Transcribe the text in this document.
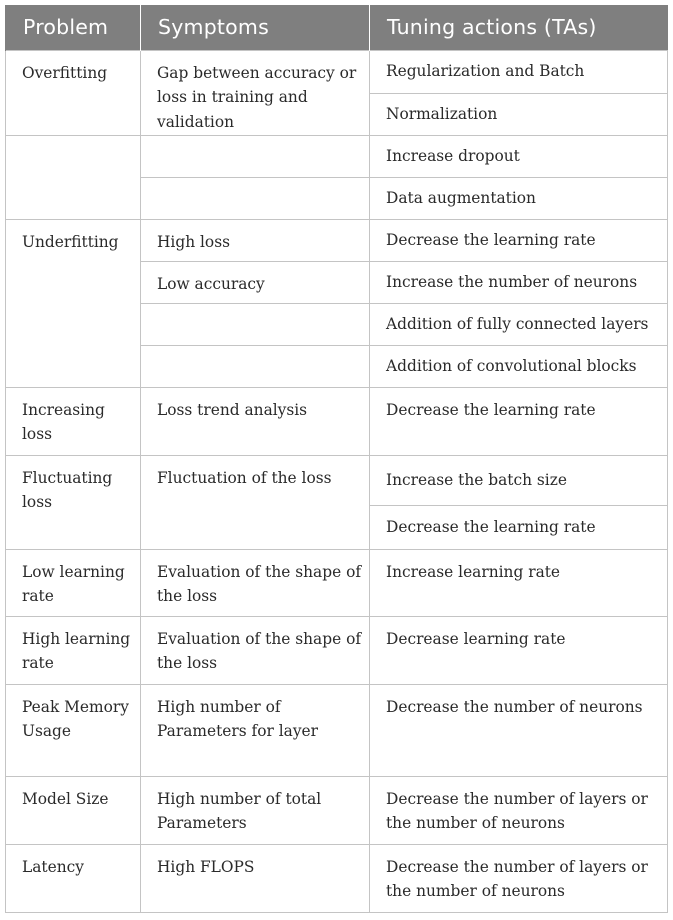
Problem	Symptoms	Tuning actions (TAs)
Overfitting	Gap between accuracy or loss in training and validation	Regularization and Batch
		Normalization
		Increase dropout
		Data augmentation
Underfitting	High loss	Decrease the learning rate
	Low accuracy	Increase the number of neurons
		Addition of fully connected layers
		Addition of convolutional blocks
Increasing loss	Loss trend analysis	Decrease the learning rate
Fluctuating loss	Fluctuation of the loss	Increase the batch size
		Decrease the learning rate
Low learning rate	Evaluation of the shape of the loss	Increase learning rate
High learning rate	Evaluation of the shape of the loss	Decrease learning rate
Peak Memory Usage	High number of Parameters for layer	Decrease the number of neurons
Model Size	High number of total Parameters	Decrease the number of layers or the number of neurons
Latency	High FLOPS	Decrease the number of layers or the number of neurons
